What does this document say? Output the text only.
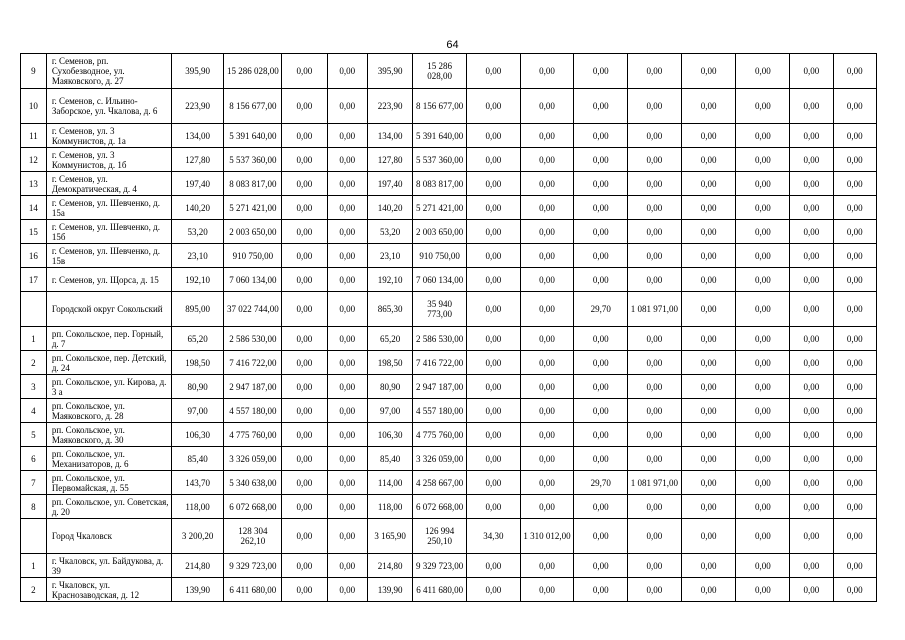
64
9	г. Семенов, рп. Сухобезводное, ул. Маяковского, д. 27	395,90	15 286 028,00	0,00	0,00	395,90	15 286 028,00	0,00	0,00	0,00	0,00	0,00	0,00	0,00	0,00
10	г. Семенов, с. Ильино-Заборское, ул. Чкалова, д. 6	223,90	8 156 677,00	0,00	0,00	223,90	8 156 677,00	0,00	0,00	0,00	0,00	0,00	0,00	0,00	0,00
11	г. Семенов, ул. 3 Коммунистов, д. 1а	134,00	5 391 640,00	0,00	0,00	134,00	5 391 640,00	0,00	0,00	0,00	0,00	0,00	0,00	0,00	0,00
12	г. Семенов, ул. 3 Коммунистов, д. 1б	127,80	5 537 360,00	0,00	0,00	127,80	5 537 360,00	0,00	0,00	0,00	0,00	0,00	0,00	0,00	0,00
13	г. Семенов, ул. Демократическая, д. 4	197,40	8 083 817,00	0,00	0,00	197,40	8 083 817,00	0,00	0,00	0,00	0,00	0,00	0,00	0,00	0,00
14	г. Семенов, ул. Шевченко, д. 15а	140,20	5 271 421,00	0,00	0,00	140,20	5 271 421,00	0,00	0,00	0,00	0,00	0,00	0,00	0,00	0,00
15	г. Семенов, ул. Шевченко, д. 15б	53,20	2 003 650,00	0,00	0,00	53,20	2 003 650,00	0,00	0,00	0,00	0,00	0,00	0,00	0,00	0,00
16	г. Семенов, ул. Шевченко, д. 15в	23,10	910 750,00	0,00	0,00	23,10	910 750,00	0,00	0,00	0,00	0,00	0,00	0,00	0,00	0,00
17	г. Семенов, ул. Щорса, д. 15	192,10	7 060 134,00	0,00	0,00	192,10	7 060 134,00	0,00	0,00	0,00	0,00	0,00	0,00	0,00	0,00
	Городской округ Сокольский	895,00	37 022 744,00	0,00	0,00	865,30	35 940 773,00	0,00	0,00	29,70	1 081 971,00	0,00	0,00	0,00	0,00
1	рп. Сокольское, пер. Горный, д. 7	65,20	2 586 530,00	0,00	0,00	65,20	2 586 530,00	0,00	0,00	0,00	0,00	0,00	0,00	0,00	0,00
2	рп. Сокольское, пер. Детский, д. 24	198,50	7 416 722,00	0,00	0,00	198,50	7 416 722,00	0,00	0,00	0,00	0,00	0,00	0,00	0,00	0,00
3	рп. Сокольское, ул. Кирова, д. 3 а	80,90	2 947 187,00	0,00	0,00	80,90	2 947 187,00	0,00	0,00	0,00	0,00	0,00	0,00	0,00	0,00
4	рп. Сокольское, ул. Маяковского, д. 28	97,00	4 557 180,00	0,00	0,00	97,00	4 557 180,00	0,00	0,00	0,00	0,00	0,00	0,00	0,00	0,00
5	рп. Сокольское, ул. Маяковского, д. 30	106,30	4 775 760,00	0,00	0,00	106,30	4 775 760,00	0,00	0,00	0,00	0,00	0,00	0,00	0,00	0,00
6	рп. Сокольское, ул. Механизаторов, д. 6	85,40	3 326 059,00	0,00	0,00	85,40	3 326 059,00	0,00	0,00	0,00	0,00	0,00	0,00	0,00	0,00
7	рп. Сокольское, ул. Первомайская, д. 55	143,70	5 340 638,00	0,00	0,00	114,00	4 258 667,00	0,00	0,00	29,70	1 081 971,00	0,00	0,00	0,00	0,00
8	рп. Сокольское, ул. Советская, д. 20	118,00	6 072 668,00	0,00	0,00	118,00	6 072 668,00	0,00	0,00	0,00	0,00	0,00	0,00	0,00	0,00
	Город Чкаловск	3 200,20	128 304 262,10	0,00	0,00	3 165,90	126 994 250,10	34,30	1 310 012,00	0,00	0,00	0,00	0,00	0,00	0,00
1	г. Чкаловск, ул. Байдукова, д. 39	214,80	9 329 723,00	0,00	0,00	214,80	9 329 723,00	0,00	0,00	0,00	0,00	0,00	0,00	0,00	0,00
2	г. Чкаловск, ул. Краснозаводская, д. 12	139,90	6 411 680,00	0,00	0,00	139,90	6 411 680,00	0,00	0,00	0,00	0,00	0,00	0,00	0,00	0,00
